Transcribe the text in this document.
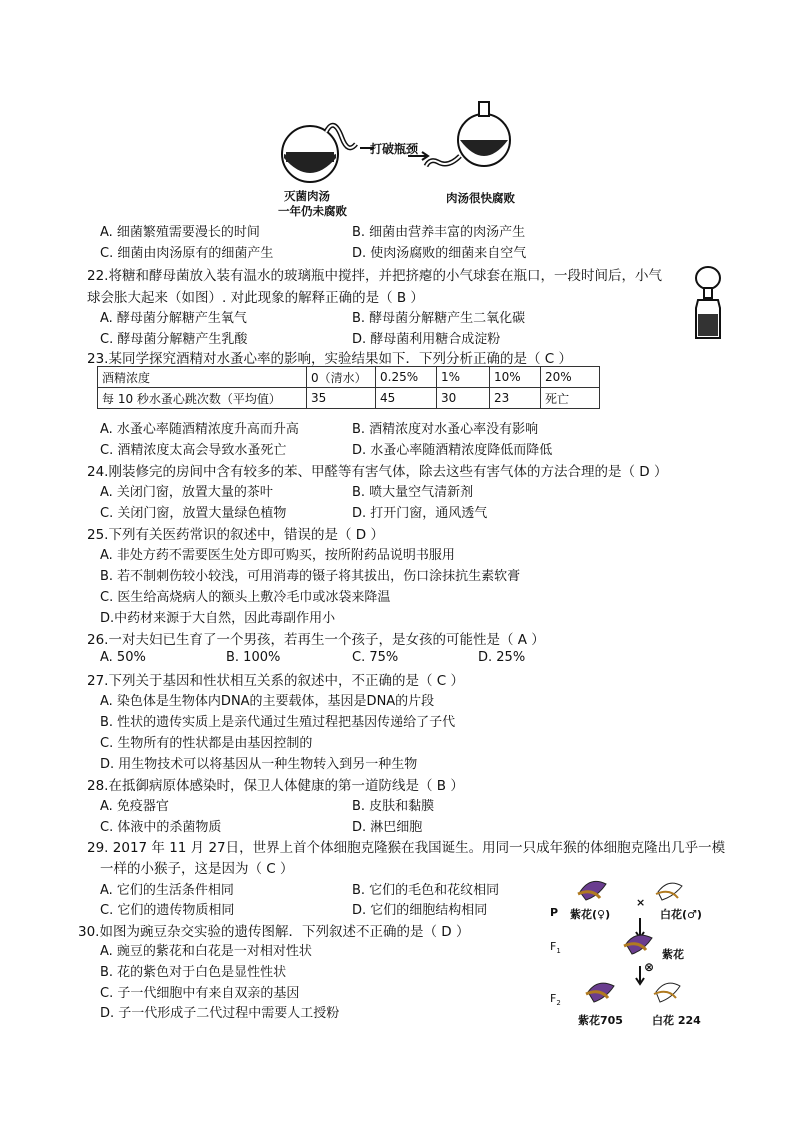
打破瓶颈
灭菌肉汤
一年仍未腐败
肉汤很快腐败
A. 细菌繁殖需要漫长的时间	B. 细菌由营养丰富的肉汤产生
C. 细菌由肉汤原有的细菌产生	D. 使肉汤腐败的细菌来自空气
22.将糖和酵母菌放入装有温水的玻璃瓶中搅拌，并把挤瘪的小气球套在瓶口，一段时间后，小气
球会胀大起来（如图）. 对此现象的解释正确的是（ B ）
A. 酵母菌分解糖产生氧气	B. 酵母菌分解糖产生二氧化碳
C. 酵母菌分解糖产生乳酸	D. 酵母菌利用糖合成淀粉
23.某同学探究酒精对水蚤心率的影响，实验结果如下．下列分析正确的是（ C ）
酒精浓度	0（清水）	0.25%	1%	10%	20%
每 10 秒水蚤心跳次数（平均值）	35	45	30	23	死亡
A. 水蚤心率随酒精浓度升高而升高	B. 酒精浓度对水蚤心率没有影响
C. 酒精浓度太高会导致水蚤死亡	D. 水蚤心率随酒精浓度降低而降低
24.刚装修完的房间中含有较多的苯、甲醛等有害气体，除去这些有害气体的方法合理的是（ D ）
A. 关闭门窗，放置大量的茶叶	B. 喷大量空气清新剂
C. 关闭门窗，放置大量绿色植物	D. 打开门窗，通风透气
25.下列有关医药常识的叙述中，错误的是（ D ）
A. 非处方药不需要医生处方即可购买，按所附药品说明书服用
B. 若不制刺伤较小较浅，可用消毒的镊子将其拔出，伤口涂抹抗生素软膏
C. 医生给高烧病人的额头上敷冷毛巾或冰袋来降温
D.中药材来源于大自然，因此毒副作用小
26.一对夫妇已生育了一个男孩，若再生一个孩子，是女孩的可能性是（ A ）
A. 50%	B. 100%	C. 75%	D. 25%
27.下列关于基因和性状相互关系的叙述中，不正确的是（ C ）
A. 染色体是生物体内DNA的主要载体，基因是DNA的片段
B. 性状的遗传实质上是亲代通过生殖过程把基因传递给了子代
C. 生物所有的性状都是由基因控制的
D. 用生物技术可以将基因从一种生物转入到另一种生物
28.在抵御病原体感染时，保卫人体健康的第一道防线是（ B ）
A. 免疫器官	B. 皮肤和黏膜
C. 体液中的杀菌物质	D. 淋巴细胞
29. 2017 年 11 月 27日，世界上首个体细胞克隆猴在我国诞生。用同一只成年猴的体细胞克隆出几乎一模
一样的小猴子，这是因为（ C ）
A. 它们的生活条件相同	B. 它们的毛色和花纹相同
C. 它们的遗传物质相同	D. 它们的细胞结构相同
30.如图为豌豆杂交实验的遗传图解．下列叙述不正确的是（ D ）
A. 豌豆的紫花和白花是一对相对性状
B. 花的紫色对于白色是显性性状
C. 子一代细胞中有来自双亲的基因
D. 子一代形成子二代过程中需要人工授粉
P 紫花(♀)
×
白花(♂)
$F_1$	紫花
⊗
$F_2$
紫花705	白花 224
